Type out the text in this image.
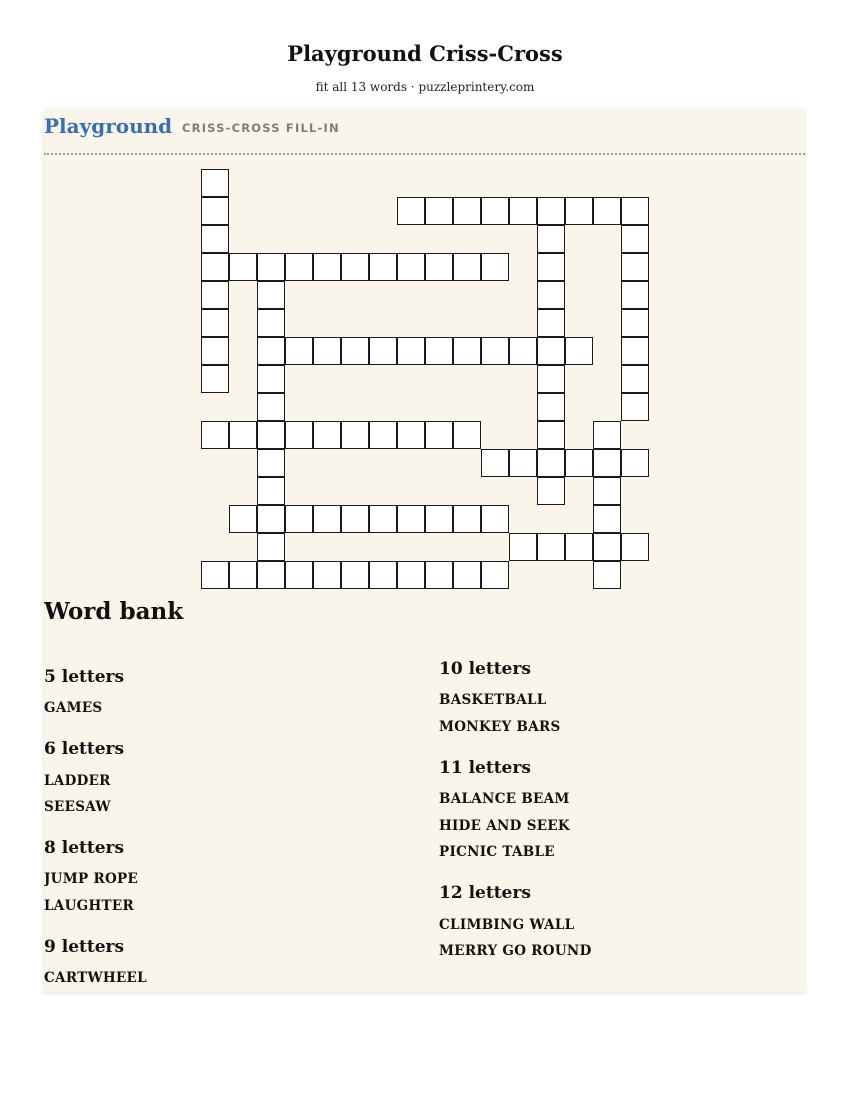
Playground Criss-Cross
fit all 13 words · puzzleprintery.com
Playground CRISS-CROSS FILL-IN
Word bank
5 letters
GAMES
6 letters
LADDER
SEESAW
8 letters
JUMP ROPE
LAUGHTER
9 letters
CARTWHEEL
10 letters
BASKETBALL
MONKEY BARS
11 letters
BALANCE BEAM
HIDE AND SEEK
PICNIC TABLE
12 letters
CLIMBING WALL
MERRY GO ROUND
